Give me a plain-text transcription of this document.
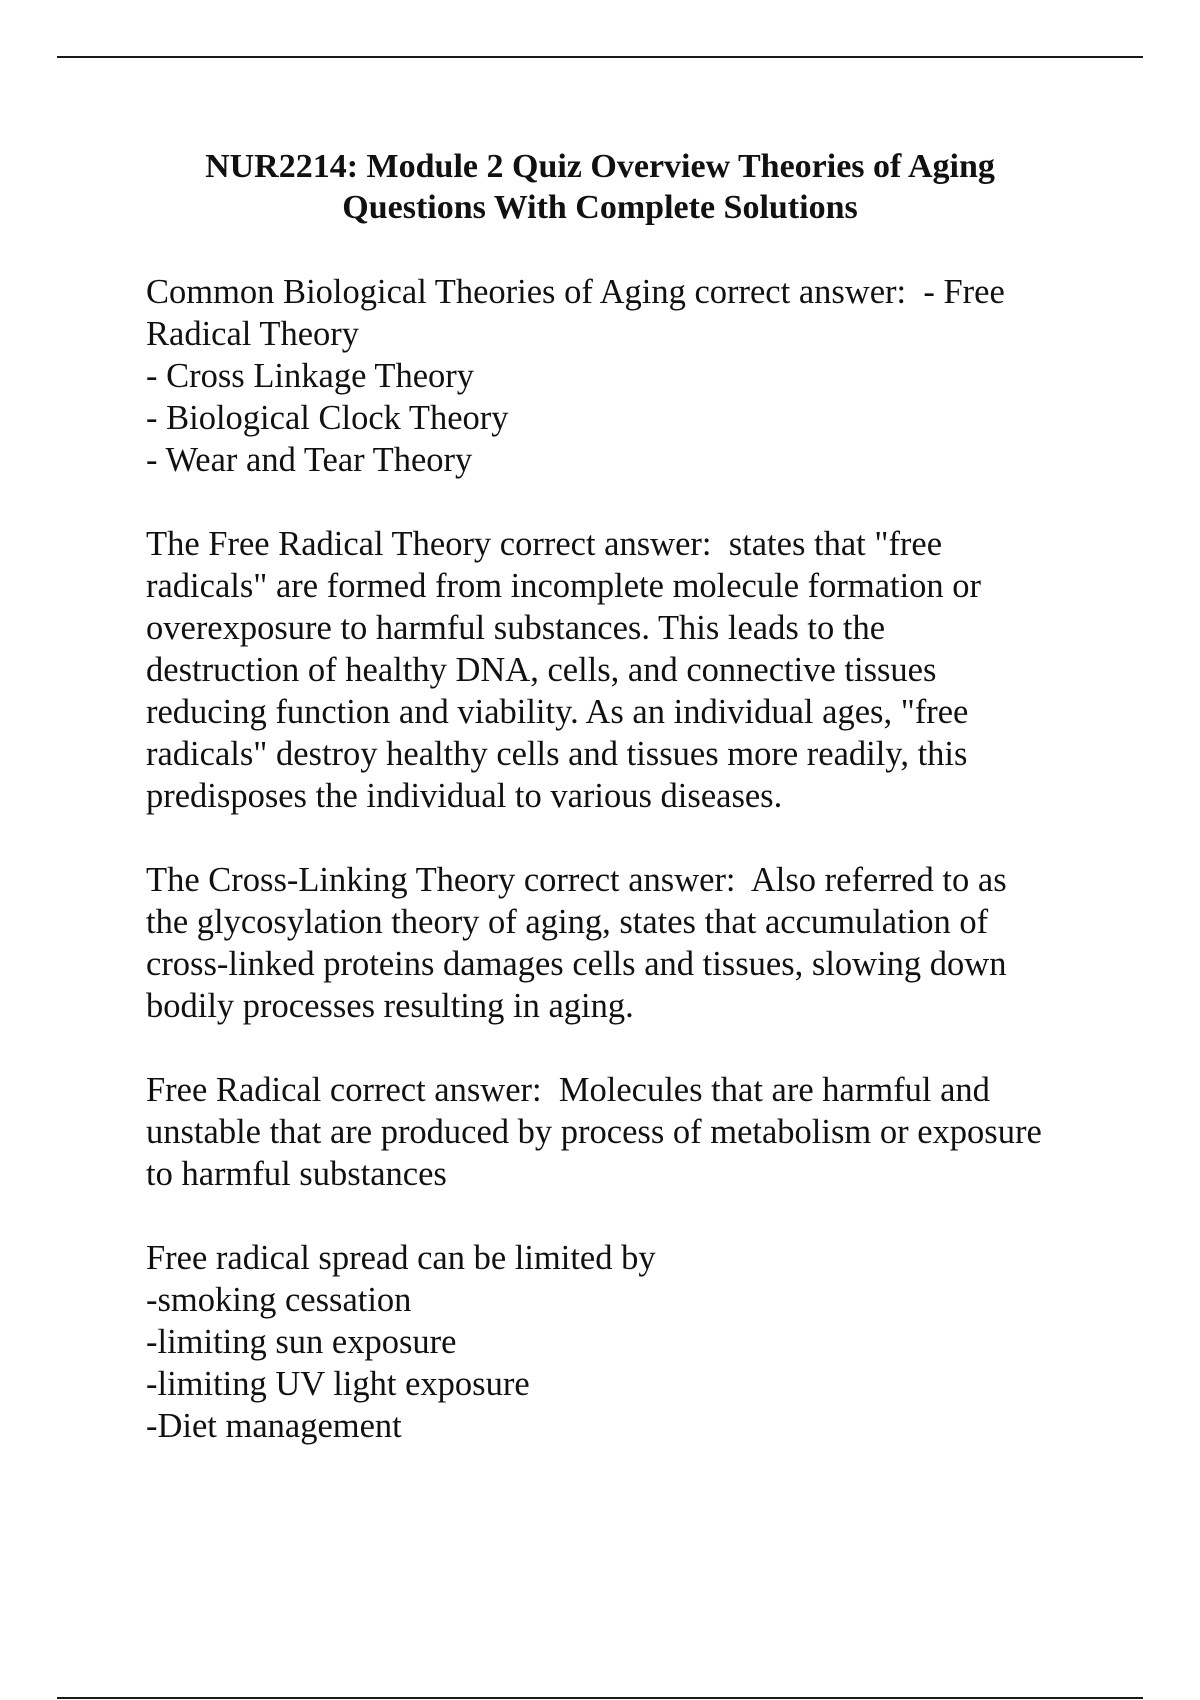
NUR2214: Module 2 Quiz Overview Theories of Aging
Questions With Complete Solutions

Common Biological Theories of Aging correct answer:  - Free
Radical Theory
- Cross Linkage Theory
- Biological Clock Theory
- Wear and Tear Theory

The Free Radical Theory correct answer:  states that "free
radicals" are formed from incomplete molecule formation or
overexposure to harmful substances. This leads to the
destruction of healthy DNA, cells, and connective tissues
reducing function and viability. As an individual ages, "free
radicals" destroy healthy cells and tissues more readily, this
predisposes the individual to various diseases.

The Cross-Linking Theory correct answer:  Also referred to as
the glycosylation theory of aging, states that accumulation of
cross-linked proteins damages cells and tissues, slowing down
bodily processes resulting in aging.

Free Radical correct answer:  Molecules that are harmful and
unstable that are produced by process of metabolism or exposure
to harmful substances

Free radical spread can be limited by
-smoking cessation
-limiting sun exposure
-limiting UV light exposure
-Diet management
